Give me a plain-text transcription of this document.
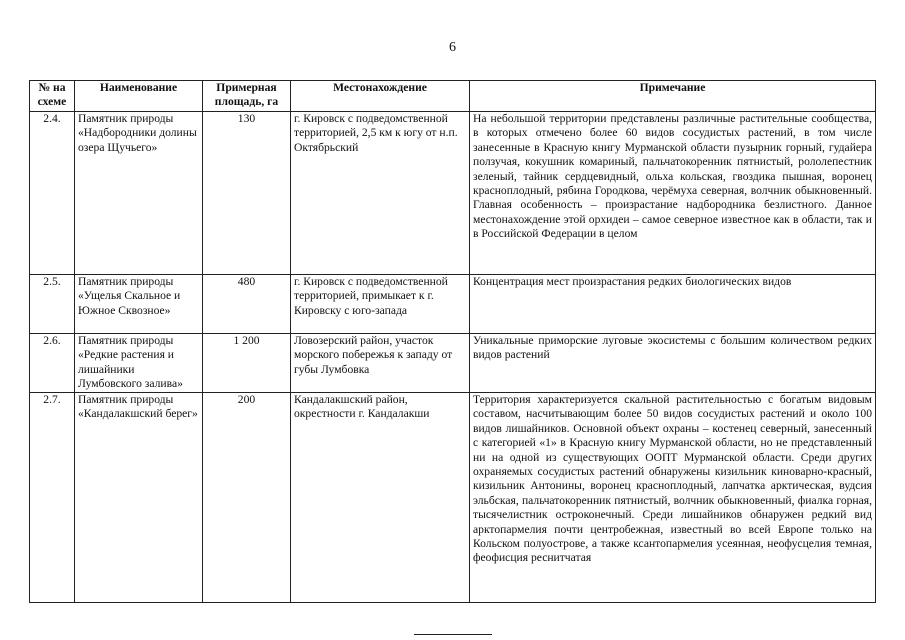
6
№ на схеме	Наименование	Примерная площадь, га	Местонахождение	Примечание
2.4.	Памятник природы «Надбородники долины озера Щучьего»	130	г. Кировск с подведомственной территорией, 2,5 км к югу от н.п. Октябрьский	На небольшой территории представлены различные растительные сообщества, в которых отмечено более 60 видов сосудистых растений, в том числе занесенные в Красную книгу Мурманской области пузырник горный, гудайера ползучая, кокушник комариный, пальчатокоренник пятнистый, pололепестник зеленый, тайник сердцевидный, ольха кольская, гвоздика пышная, воронец красноплодный, рябина Городкова, черёмуха северная, волчник обыкновенный. Главная особенность – произрастание надбородника безлистного. Данное местонахождение этой орхидеи – самое северное известное как в области, так и в Российской Федерации в целом
2.5.	Памятник природы «Ущелья Скальное и Южное Сквозное»	480	г. Кировск с подведомственной территорией, примыкает к г. Кировску с юго-запада	Концентрация мест произрастания редких биологических видов
2.6.	Памятник природы «Редкие растения и лишайники Лумбовского залива»	1 200	Ловозерский район, участок морского побережья к западу от губы Лумбовка	Уникальные приморские луговые экосистемы с большим количеством редких видов растений
2.7.	Памятник природы «Кандалакшский берег»	200	Кандалакшский район, окрестности г. Кандалакши	Территория характеризуется скальной растительностью с богатым видовым составом, насчитывающим более 50 видов сосудистых растений и около 100 видов лишайников. Основной объект охраны – костенец северный, занесенный с категорией «1» в Красную книгу Мурманской области, но не представленный ни на одной из существующих ООПТ Мурманской области. Среди других охраняемых сосудистых растений обнаружены кизильник киноварно-красный, кизильник Антонины, воронец красноплодный, лапчатка арктическая, вудсия эльбская, пальчатокоренник пятнистый, волчник обыкновенный, фиалка горная, тысячелистник остроконечный. Среди лишайников обнаружен редкий вид арктопармелия почти центробежная, известный во всей Европе только на Кольском полуострове, а также ксантопармелия усеянная, неофусцелия темная, феофисция реснитчатая
